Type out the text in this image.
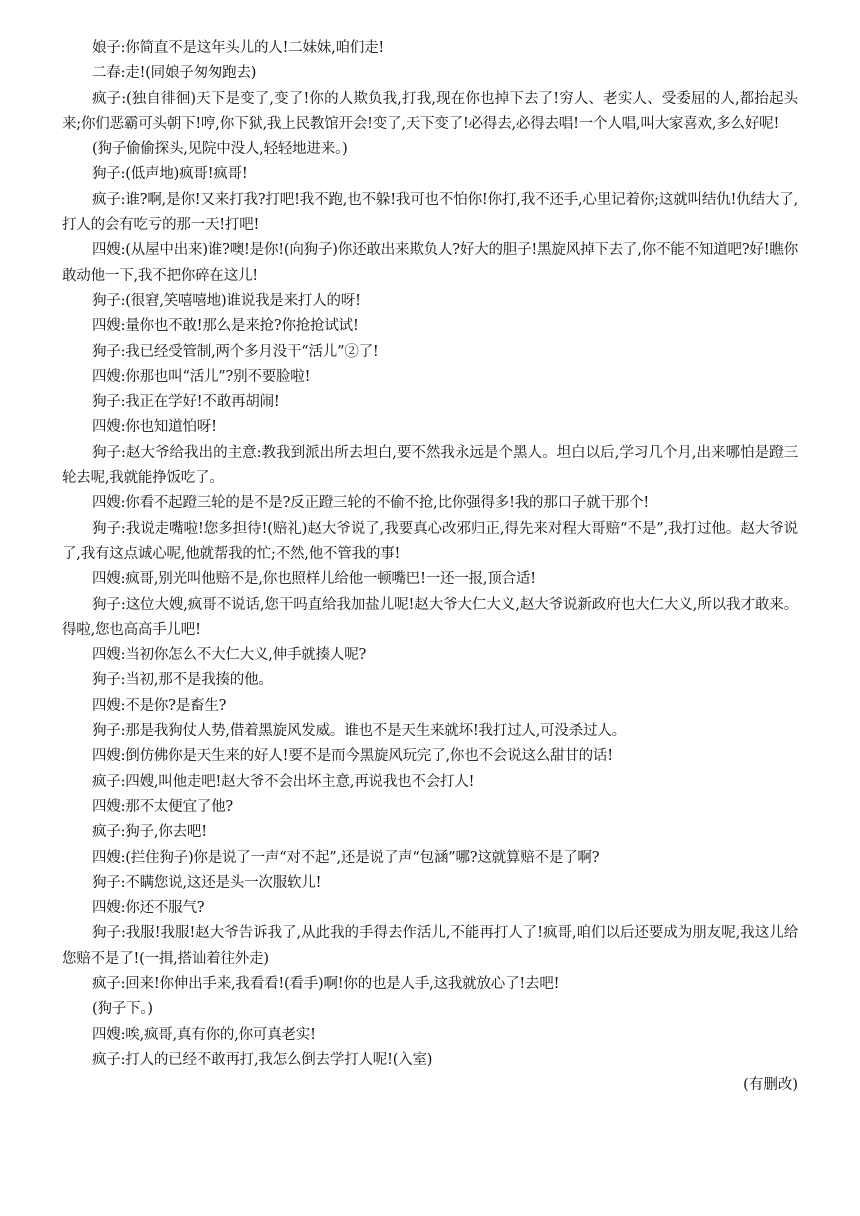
娘子:你简直不是这年头儿的人!二妹妹,咱们走!

二春:走!(同娘子匆匆跑去)

疯子:(独自徘徊)天下是变了,变了!你的人欺负我,打我,现在你也掉下去了!穷人、老实人、受委屈的人,都抬起头来;你们恶霸可头朝下!哼,你下狱,我上民教馆开会!变了,天下变了!必得去,必得去唱!一个人唱,叫大家喜欢,多么好呢!

(狗子偷偷探头,见院中没人,轻轻地进来。)

狗子:(低声地)疯哥!疯哥!

疯子:谁?啊,是你!又来打我?打吧!我不跑,也不躲!我可也不怕你!你打,我不还手,心里记着你;这就叫结仇!仇结大了,打人的会有吃亏的那一天!打吧!

四嫂:(从屋中出来)谁?噢!是你!(向狗子)你还敢出来欺负人?好大的胆子!黑旋风掉下去了,你不能不知道吧?好!瞧你敢动他一下,我不把你碎在这儿!

狗子:(很窘,笑嘻嘻地)谁说我是来打人的呀!

四嫂:量你也不敢!那么是来抢?你抢抢试试!

狗子:我已经受管制,两个多月没干“活儿”②了!

四嫂:你那也叫“活儿”?别不要脸啦!

狗子:我正在学好!不敢再胡闹!

四嫂:你也知道怕呀!

狗子:赵大爷给我出的主意:教我到派出所去坦白,要不然我永远是个黑人。坦白以后,学习几个月,出来哪怕是蹬三轮去呢,我就能挣饭吃了。

四嫂:你看不起蹬三轮的是不是?反正蹬三轮的不偷不抢,比你强得多!我的那口子就干那个!

狗子:我说走嘴啦!您多担待!(赔礼)赵大爷说了,我要真心改邪归正,得先来对程大哥赔“不是”,我打过他。赵大爷说了,我有这点诚心呢,他就帮我的忙;不然,他不管我的事!

四嫂:疯哥,别光叫他赔不是,你也照样儿给他一顿嘴巴!一还一报,顶合适!

狗子:这位大嫂,疯哥不说话,您干吗直给我加盐儿呢!赵大爷大仁大义,赵大爷说新政府也大仁大义,所以我才敢来。得啦,您也高高手儿吧!

四嫂:当初你怎么不大仁大义,伸手就揍人呢?

狗子:当初,那不是我揍的他。

四嫂:不是你?是畜生?

狗子:那是我狗仗人势,借着黑旋风发威。谁也不是天生来就坏!我打过人,可没杀过人。

四嫂:倒仿佛你是天生来的好人!要不是而今黑旋风玩完了,你也不会说这么甜甘的话!

疯子:四嫂,叫他走吧!赵大爷不会出坏主意,再说我也不会打人!

四嫂:那不太便宜了他?

疯子:狗子,你去吧!

四嫂:(拦住狗子)你是说了一声“对不起”,还是说了声“包涵”哪?这就算赔不是了啊?

狗子:不瞒您说,这还是头一次服软儿!

四嫂:你还不服气?

狗子:我服!我服!赵大爷告诉我了,从此我的手得去作活儿,不能再打人了!疯哥,咱们以后还要成为朋友呢,我这儿给您赔不是了!(一揖,搭讪着往外走)

疯子:回来!你伸出手来,我看看!(看手)啊!你的也是人手,这我就放心了!去吧!

(狗子下。)

四嫂:唉,疯哥,真有你的,你可真老实!

疯子:打人的已经不敢再打,我怎么倒去学打人呢!(入室)

(有删改)
